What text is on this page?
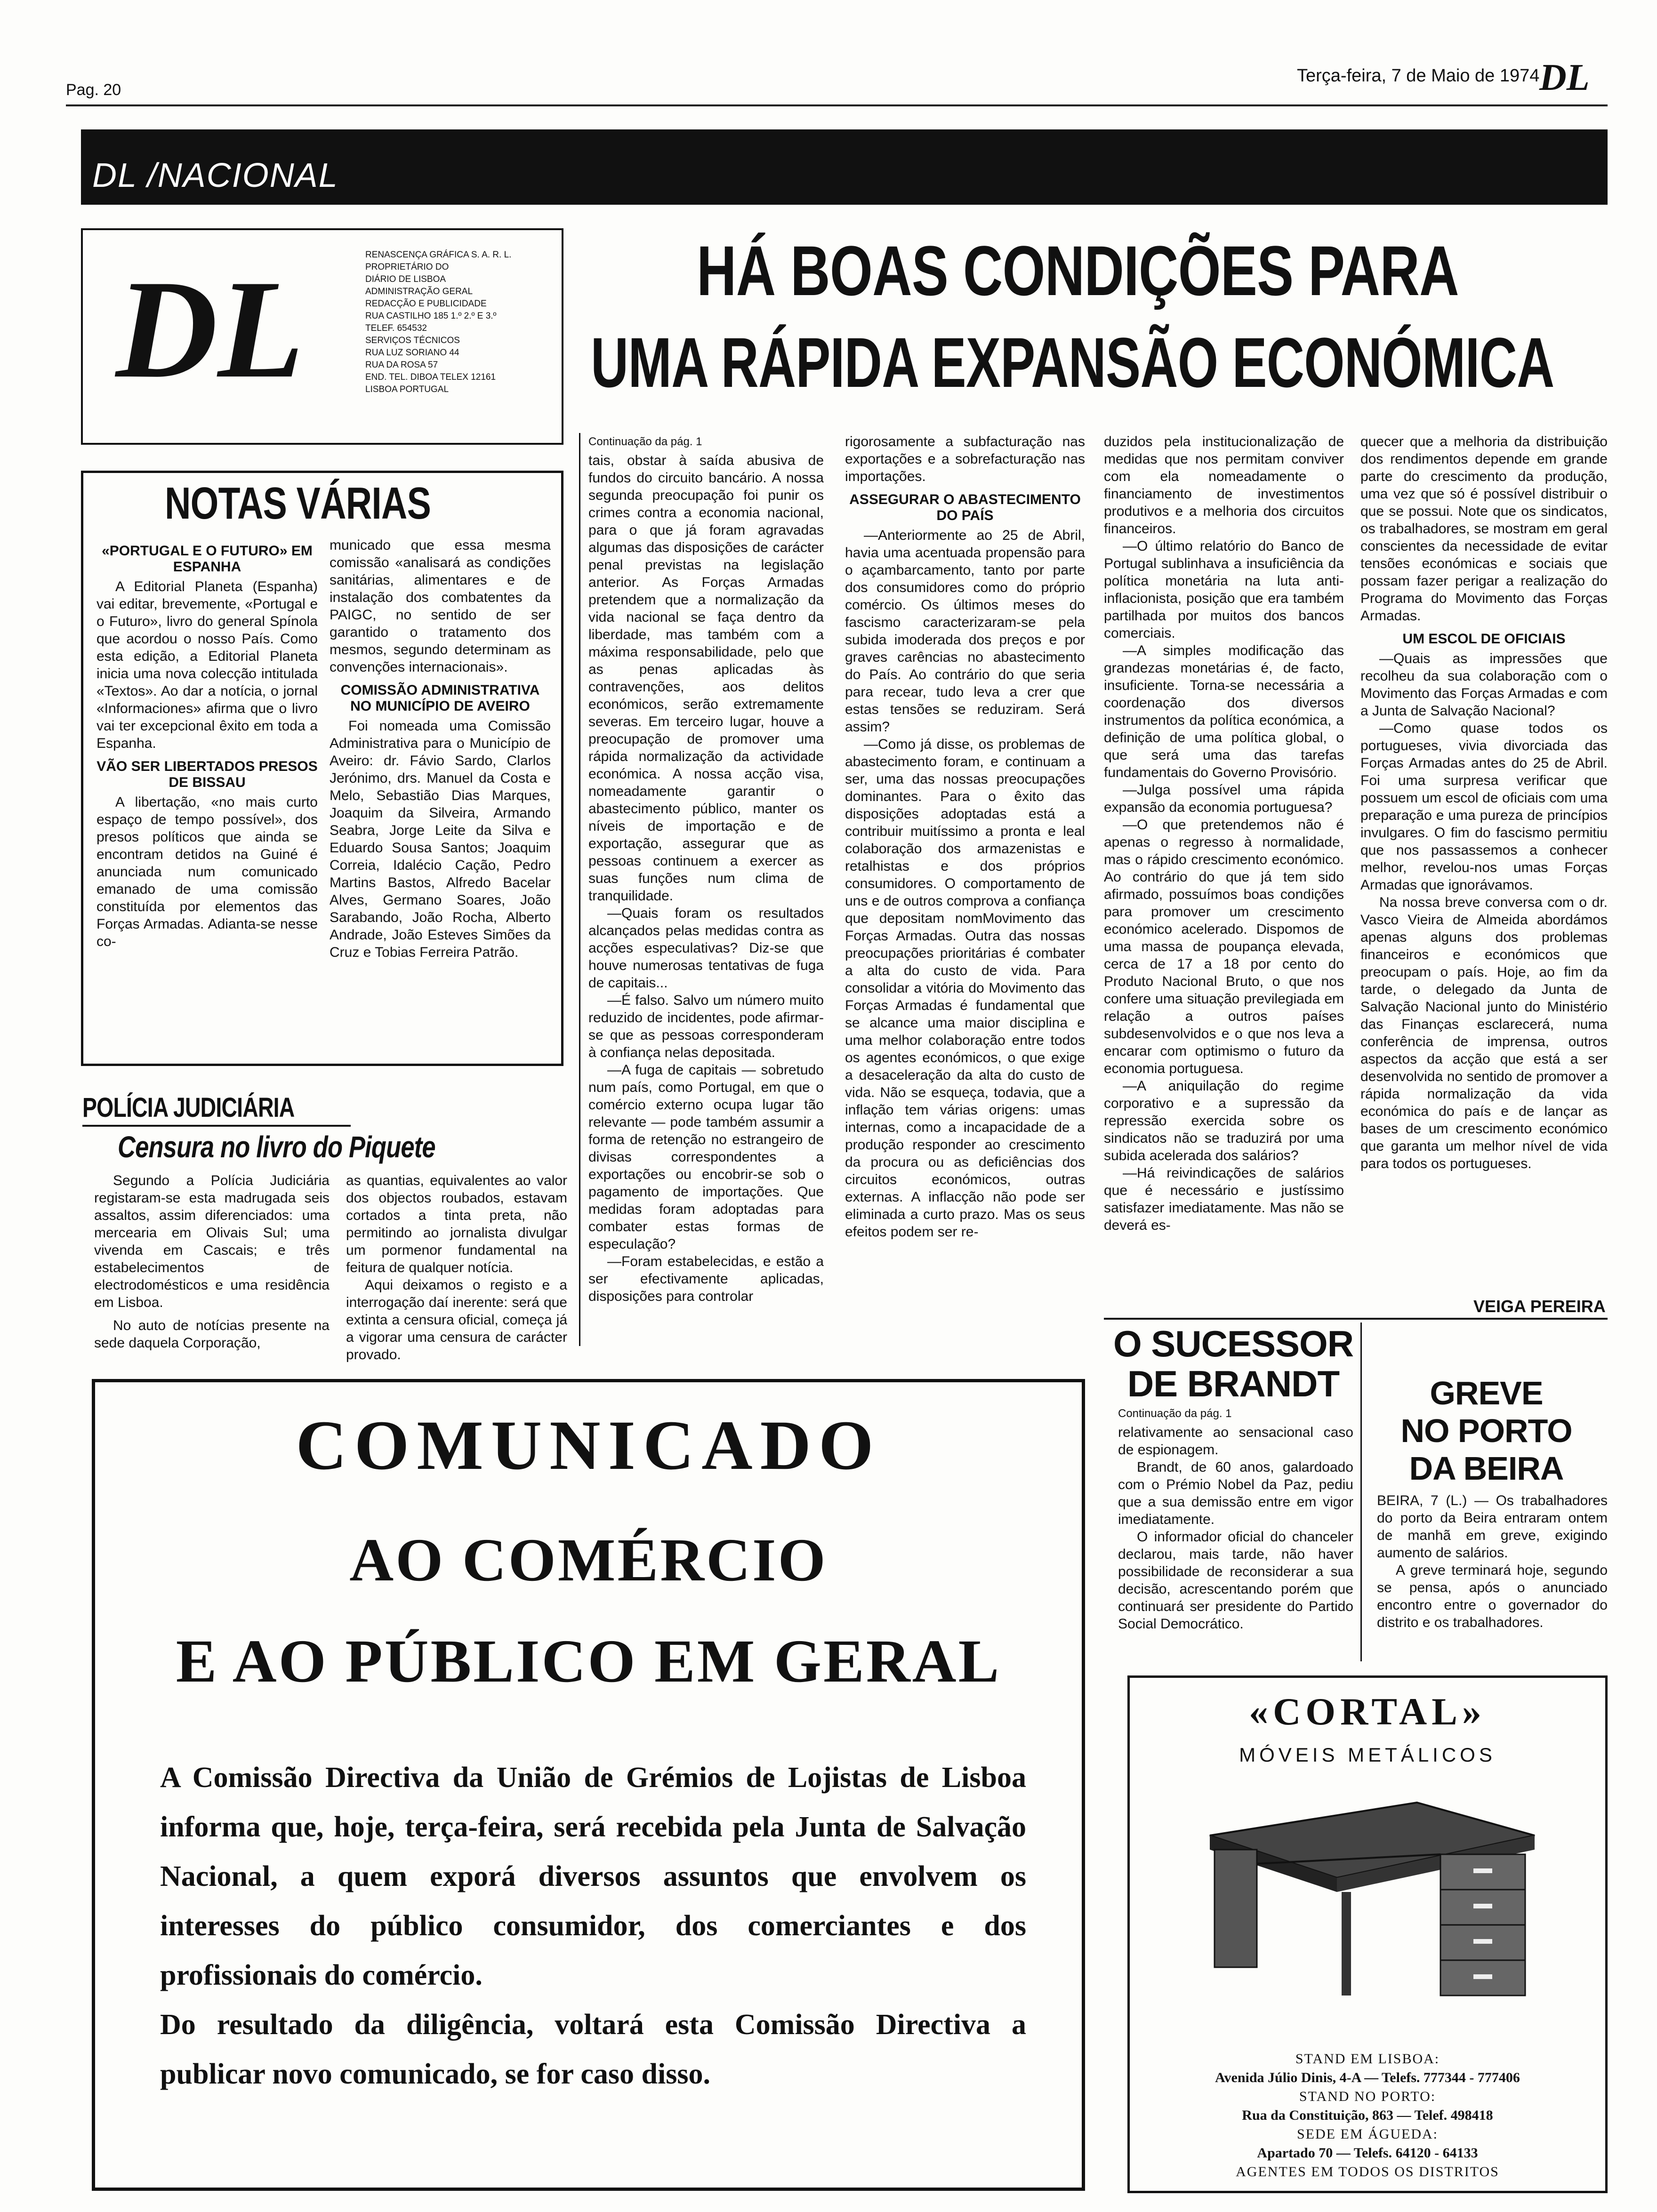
Pag. 20
Terça-feira, 7 de Maio de 1974 DL
DL /NACIONAL
DL	RENASCENÇA GRÁFICA S. A. R. L.
PROPRIETÁRIO DO
DIÁRIO DE LISBOA
ADMINISTRAÇÃO GERAL
REDACÇÃO E PUBLICIDADE
RUA CASTILHO 185 1.º 2.º E 3.º
TELEF. 654532
SERVIÇOS TÉCNICOS
RUA LUZ SORIANO 44
RUA DA ROSA 57
END. TEL. DIBOA TELEX 12161
LISBOA PORTUGAL
HÁ BOAS CONDIÇÕES PARA
UMA RÁPIDA EXPANSÃO ECONÓMICA
Continuação da pág. 1
NOTAS VÁRIAS
«PORTUGAL E O FUTURO» EM ESPANHA

A Editorial Planeta (Espanha) vai editar, brevemente, «Portugal e o Futuro», livro do general Spínola que acordou o nosso País. Como esta edição, a Editorial Planeta inicia uma nova colecção intitulada «Textos». Ao dar a notícia, o jornal «Informaciones» afirma que o livro vai ter excepcional êxito em toda a Espanha.

VÃO SER LIBERTADOS PRESOS DE BISSAU

A libertação, «no mais curto espaço de tempo possível», dos presos políticos que ainda se encontram detidos na Guiné é anunciada num comunicado emanado de uma comissão constituída por elementos das Forças Armadas. Adianta-se nesse co-

municado que essa mesma comissão «analisará as condições sanitárias, alimentares e de instalação dos combatentes da PAIGC, no sentido de ser garantido o tratamento dos mesmos, segundo determinam as convenções internacionais».

COMISSÃO ADMINISTRATIVA NO MUNICÍPIO DE AVEIRO

Foi nomeada uma Comissão Administrativa para o Município de Aveiro: dr. Fávio Sardo, Clarlos Jerónimo, drs. Manuel da Costa e Melo, Sebastião Dias Marques, Joaquim da Silveira, Armando Seabra, Jorge Leite da Silva e Eduardo Sousa Santos; Joaquim Correia, Idalécio Cação, Pedro Martins Bastos, Alfredo Bacelar Alves, Germano Soares, João Sarabando, João Rocha, Alberto Andrade, João Esteves Simões da Cruz e Tobias Ferreira Patrão.

POLÍCIA JUDICIÁRIA
Censura no livro do Piquete

Segundo a Polícia Judiciária registaram-se esta madrugada seis assaltos, assim diferenciados: uma mercearia em Olivais Sul; uma vivenda em Cascais; e três estabelecimentos de electrodomésticos e uma residência em Lisboa.

No auto de notícias presente na sede daquela Corporação,

as quantias, equivalentes ao valor dos objectos roubados, estavam cortados a tinta preta, não permitindo ao jornalista divulgar um pormenor fundamental na feitura de qualquer notícia.

Aqui deixamos o registo e a interrogação daí inerente: será que extinta a censura oficial, começa já a vigorar uma censura de carácter provado.

tais, obstar à saída abusiva de fundos do circuito bancário. A nossa segunda preocupação foi punir os crimes contra a economia nacional, para o que já foram agravadas algumas das disposições de carácter penal previstas na legislação anterior. As Forças Armadas pretendem que a normalização da vida nacional se faça dentro da liberdade, mas também com a máxima responsabilidade, pelo que as penas aplicadas às contravenções, aos delitos económicos, serão extremamente severas. Em terceiro lugar, houve a preocupação de promover uma rápida normalização da actividade económica. A nossa acção visa, nomeadamente garantir o abastecimento público, manter os níveis de importação e de exportação, assegurar que as pessoas continuem a exercer as suas funções num clima de tranquilidade.

—Quais foram os resultados alcançados pelas medidas contra as acções especulativas? Diz-se que houve numerosas tentativas de fuga de capitais...

—É falso. Salvo um número muito reduzido de incidentes, pode afirmar-se que as pessoas corresponderam à confiança nelas depositada.

—A fuga de capitais — sobretudo num país, como Portugal, em que o comércio externo ocupa lugar tão relevante — pode também assumir a forma de retenção no estrangeiro de divisas correspondentes a exportações ou encobrir-se sob o pagamento de importações. Que medidas foram adoptadas para combater estas formas de especulação?

—Foram estabelecidas, e estão a ser efectivamente aplicadas, disposições para controlar

rigorosamente a subfacturação nas exportações e a sobrefacturação nas importações.

ASSEGURAR O ABASTECIMENTO DO PAÍS

—Anteriormente ao 25 de Abril, havia uma acentuada propensão para o açambarcamento, tanto por parte dos consumidores como do próprio comércio. Os últimos meses do fascismo caracterizaram-se pela subida imoderada dos preços e por graves carências no abastecimento do País. Ao contrário do que seria para recear, tudo leva a crer que estas tensões se reduziram. Será assim?

—Como já disse, os problemas de abastecimento foram, e continuam a ser, uma das nossas preocupações dominantes. Para o êxito das disposições adoptadas está a contribuir muitíssimo a pronta e leal colaboração dos armazenistas e retalhistas e dos próprios consumidores. O comportamento de uns e de outros comprova a confiança que depositam nomMovimento das Forças Armadas. Outra das nossas preocupações prioritárias é combater a alta do custo de vida. Para consolidar a vitória do Movimento das Forças Armadas é fundamental que se alcance uma maior disciplina e uma melhor colaboração entre todos os agentes económicos, o que exige a desaceleração da alta do custo de vida. Não se esqueça, todavia, que a inflação tem várias origens: umas internas, como a incapacidade de a produção responder ao crescimento da procura ou as deficiências dos circuitos económicos, outras externas. A inflacção não pode ser eliminada a curto prazo. Mas os seus efeitos podem ser re-

duzidos pela institucionalização de medidas que nos permitam conviver com ela nomeadamente o financiamento de investimentos produtivos e a melhoria dos circuitos financeiros.

—O último relatório do Banco de Portugal sublinhava a insuficiência da política monetária na luta anti-inflacionista, posição que era também partilhada por muitos dos bancos comerciais.

—A simples modificação das grandezas monetárias é, de facto, insuficiente. Torna-se necessária a coordenação dos diversos instrumentos da política económica, a definição de uma política global, o que será uma das tarefas fundamentais do Governo Provisório.

—Julga possível uma rápida expansão da economia portuguesa?

—O que pretendemos não é apenas o regresso à normalidade, mas o rápido crescimento económico. Ao contrário do que já tem sido afirmado, possuímos boas condições para promover um crescimento económico acelerado. Dispomos de uma massa de poupança elevada, cerca de 17 a 18 por cento do Produto Nacional Bruto, o que nos confere uma situação previlegiada em relação a outros países subdesenvolvidos e o que nos leva a encarar com optimismo o futuro da economia portuguesa.

—A aniquilação do regime corporativo e a supressão da repressão exercida sobre os sindicatos não se traduzirá por uma subida acelerada dos salários?

—Há reivindicações de salários que é necessário e justíssimo satisfazer imediatamente. Mas não se deverá es-

quecer que a melhoria da distribuição dos rendimentos depende em grande parte do crescimento da produção, uma vez que só é possível distribuir o que se possui. Note que os sindicatos, os trabalhadores, se mostram em geral conscientes da necessidade de evitar tensões económicas e sociais que possam fazer perigar a realização do Programa do Movimento das Forças Armadas.

UM ESCOL DE OFICIAIS

—Quais as impressões que recolheu da sua colaboração com o Movimento das Forças Armadas e com a Junta de Salvação Nacional?

—Como quase todos os portugueses, vivia divorciada das Forças Armadas antes do 25 de Abril. Foi uma surpresa verificar que possuem um escol de oficiais com uma preparação e uma pureza de princípios invulgares. O fim do fascismo permitiu que nos passassemos a conhecer melhor, revelou-nos umas Forças Armadas que ignorávamos.

Na nossa breve conversa com o dr. Vasco Vieira de Almeida abordámos apenas alguns dos problemas financeiros e económicos que preocupam o país. Hoje, ao fim da tarde, o delegado da Junta de Salvação Nacional junto do Ministério das Finanças esclarecerá, numa conferência de imprensa, outros aspectos da acção que está a ser desenvolvida no sentido de promover a rápida normalização da vida económica do país e de lançar as bases de um crescimento económico que garanta um melhor nível de vida para todos os portugueses.

VEIGA PEREIRA
COMUNICADO
AO COMÉRCIO
E AO PÚBLICO EM GERAL
A Comissão Directiva da União de Grémios de Lojistas de Lisboa informa que, hoje, terça-feira, será recebida pela Junta de Salvação Nacional, a quem exporá diversos assuntos que envolvem os interesses do público consumidor, dos comerciantes e dos profissionais do comércio.
Do resultado da diligência, voltará esta Comissão Directiva a publicar novo comunicado, se for caso disso.
O SUCESSOR
DE BRANDT
Continuação da pág. 1

relativamente ao sensacional caso de espionagem.

Brandt, de 60 anos, galardoado com o Prémio Nobel da Paz, pediu que a sua demissão entre em vigor imediatamente.

O informador oficial do chanceler declarou, mais tarde, não haver possibilidade de reconsiderar a sua decisão, acrescentando porém que continuará ser presidente do Partido Social Democrático.

GREVE
NO PORTO
DA BEIRA

BEIRA, 7 (L.) — Os trabalhadores do porto da Beira entraram ontem de manhã em greve, exigindo aumento de salários.

A greve terminará hoje, segundo se pensa, após o anunciado encontro entre o governador do distrito e os trabalhadores.

«CORTAL»
MÓVEIS METÁLICOS
STAND EM LISBOA:
Avenida Júlio Dinis, 4-A — Telefs. 777344 - 777406
STAND NO PORTO:
Rua da Constituição, 863 — Telef. 498418
SEDE EM ÁGUEDA:
Apartado 70 — Telefs. 64120 - 64133
AGENTES EM TODOS OS DISTRITOS
